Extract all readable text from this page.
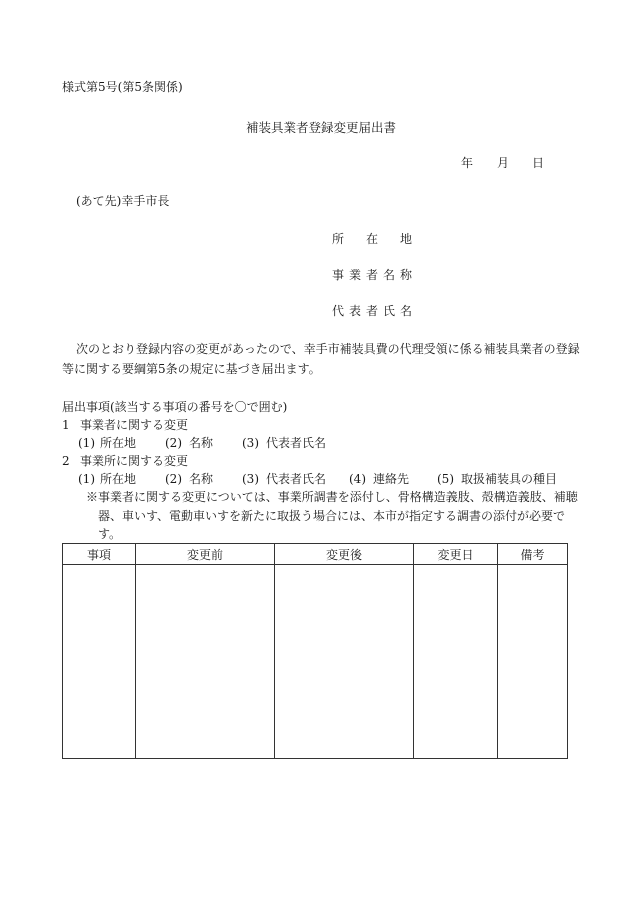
様式第5号(第5条関係)
補装具業者登録変更届出書
年 月 日
(あて先)幸手市長
所 在 地
事 業 者 名 称
代 表 者 氏 名
次のとおり登録内容の変更があったので、幸手市補装具費の代理受領に係る補装具業者の登録
等に関する要綱第5条の規定に基づき届出ます。
届出事項(該当する事項の番号を〇で囲む)
1 事業者に関する変更
(1) 所在地 (2) 名称 (3) 代表者氏名
2 事業所に関する変更
(1) 所在地 (2) 名称 (3) 代表者氏名 (4) 連絡先 (5) 取扱補装具の種目
※事業者に関する変更については、事業所調書を添付し、骨格構造義肢、殻構造義肢、補聴
器、車いす、電動車いすを新たに取扱う場合には、本市が指定する調書の添付が必要で
す。
事項	変更前	変更後	変更日	備考
